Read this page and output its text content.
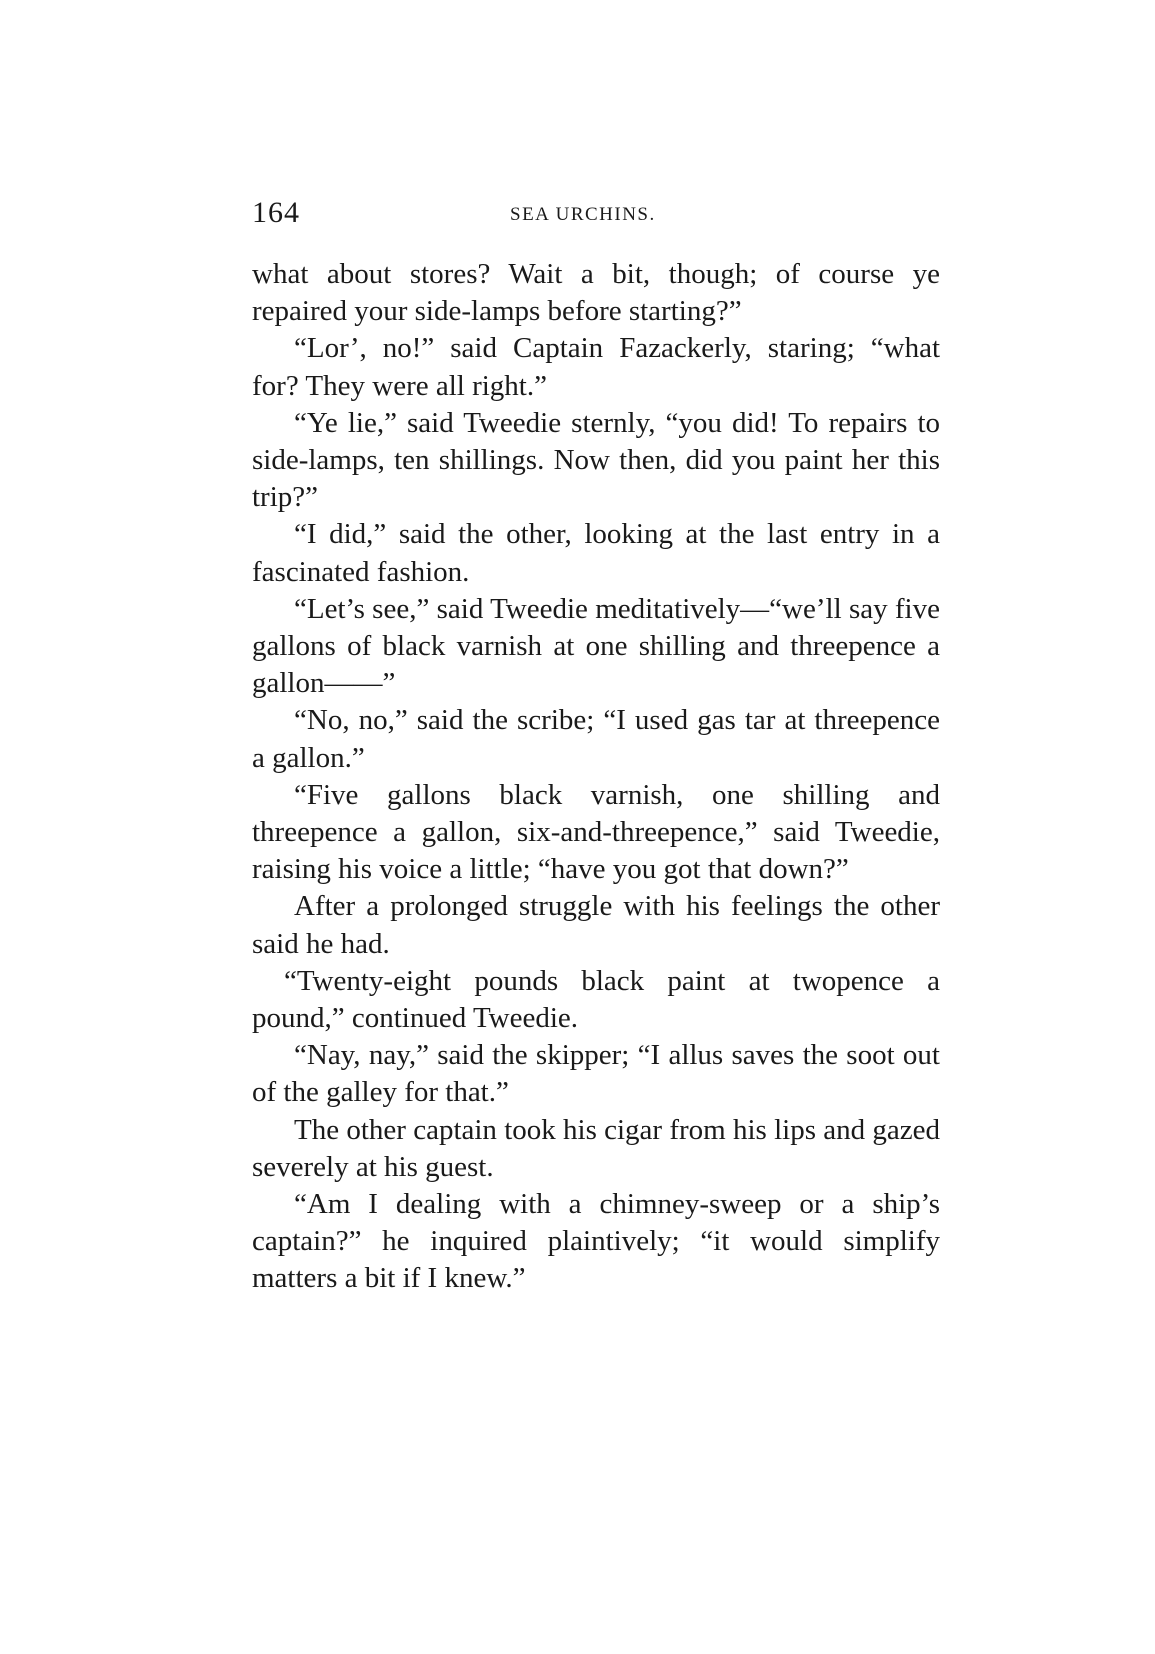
164	SEA URCHINS.

what about stores? Wait a bit, though; of course ye repaired your side-lamps before starting?”

“Lor’, no!” said Captain Fazackerly, staring; “what for? They were all right.”

“Ye lie,” said Tweedie sternly, “you did! To repairs to side-lamps, ten shillings. Now then, did you paint her this trip?”

“I did,” said the other, looking at the last entry in a fascinated fashion.

“Let’s see,” said Tweedie meditatively—“we’ll say five gallons of black varnish at one shilling and threepence a gallon——”

“No, no,” said the scribe; “I used gas tar at threepence a gallon.”

“Five gallons black varnish, one shilling and threepence a gallon, six-and-threepence,” said Tweedie, raising his voice a little; “have you got that down?”

After a prolonged struggle with his feelings the other said he had.

“Twenty-eight pounds black paint at twopence a pound,” continued Tweedie.

“Nay, nay,” said the skipper; “I allus saves the soot out of the galley for that.”

The other captain took his cigar from his lips and gazed severely at his guest.

“Am I dealing with a chimney-sweep or a ship’s captain?” he inquired plaintively; “it would simplify matters a bit if I knew.”
